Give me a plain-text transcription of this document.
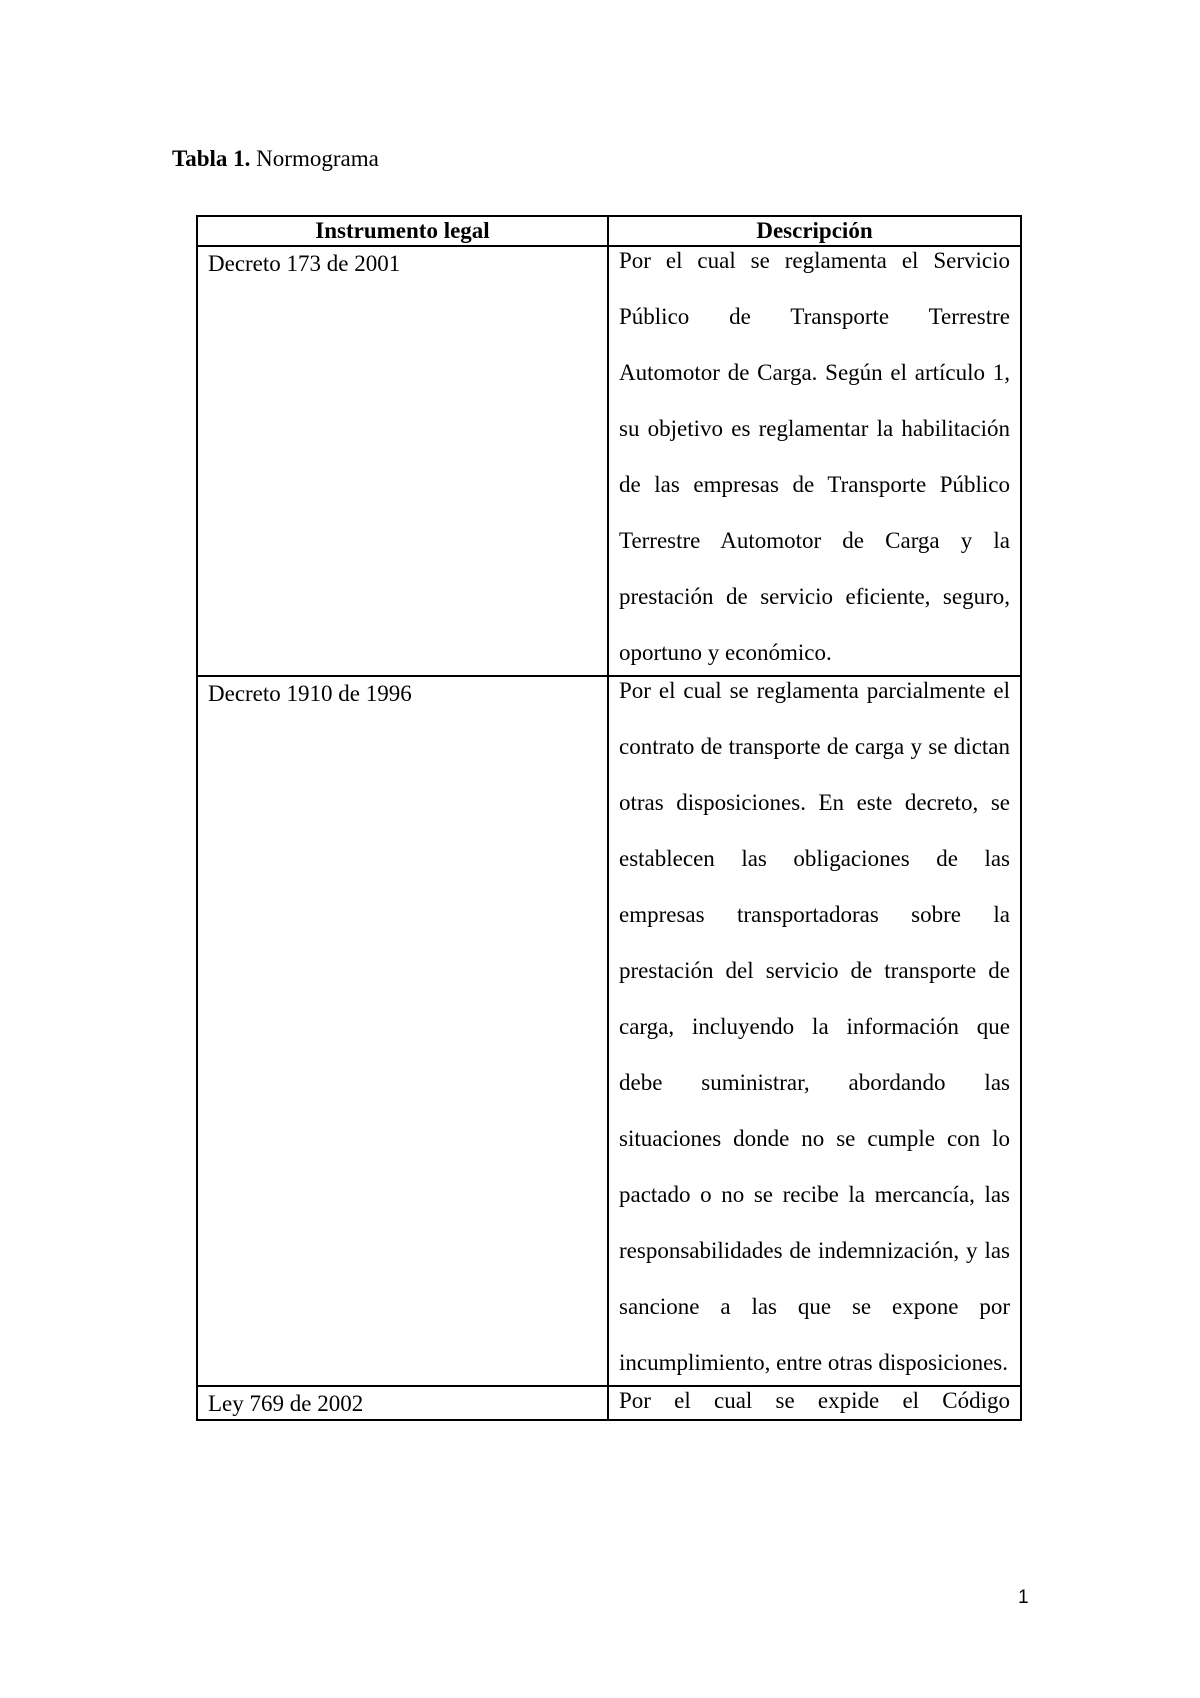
Tabla 1. Normograma
Instrumento legal	Descripción
Decreto 173 de 2001	Por el cual se reglamenta el Servicio Público de Transporte Terrestre Automotor de Carga. Según el artículo 1, su objetivo es reglamentar la habilitación de las empresas de Transporte Público Terrestre Automotor de Carga y la prestación de servicio eficiente, seguro, oportuno y económico.

Decreto 1910 de 1996	Por el cual se reglamenta parcialmente el contrato de transporte de carga y se dictan otras disposiciones. En este decreto, se establecen las obligaciones de las empresas transportadoras sobre la prestación del servicio de transporte de carga, incluyendo la información que debe suministrar, abordando las situaciones donde no se cumple con lo pactado o no se recibe la mercancía, las responsabilidades de indemnización, y las sancione a las que se expone por incumplimiento, entre otras disposiciones.

Ley 769 de 2002	Por el cual se expide el Código
1
